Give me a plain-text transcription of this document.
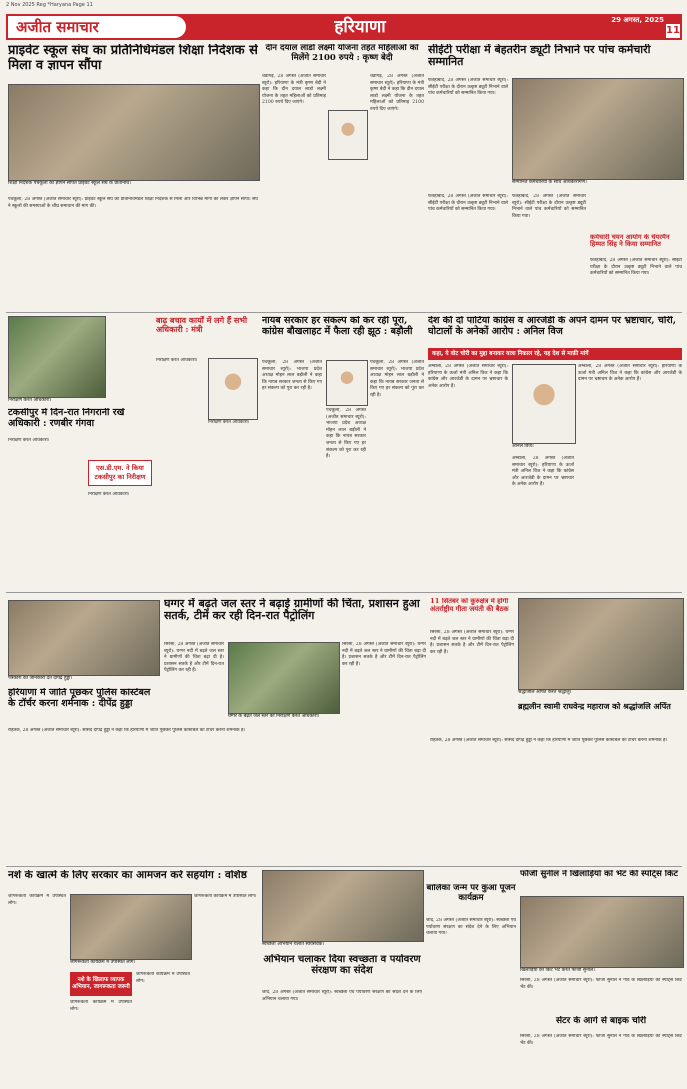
2 Nov 2025 Reg *Haryana Page 11
अजीत समाचार	हरियाणा	29 अगस्त, 2025
11
प्राइवेट स्कूल संघ का प्रतिनिधिमंडल शिक्षा निदेशक से मिला व ज्ञापन सौंपा
शिक्षा निदेशक पंचकूला को ज्ञापन सौंपते प्राइवेट स्कूल संघ के प्रतिनिधि।
पंचकूला, 28 अगस्त (अजीत समाचार ब्यूरो): प्राइवेट स्कूल संघ का प्रतिनिधिमंडल शिक्षा निदेशक से मिला और विभिन्न मांगों को लेकर ज्ञापन सौंपा। संघ ने स्कूलों की समस्याओं के शीघ्र समाधान की मांग की।
दीन दयाल लाडो लक्ष्मी योजना तहत महिलाओं को मिलेंगे 2100 रुपये : कृष्ण बेदी
चंडीगढ़, 28 अगस्त (अजीत समाचार ब्यूरो): हरियाणा के मंत्री कृष्ण बेदी ने कहा कि दीन दयाल लाडो लक्ष्मी योजना के तहत महिलाओं को प्रतिमाह 2100 रुपये दिए जाएंगे।
चंडीगढ़, 28 अगस्त (अजीत समाचार ब्यूरो): हरियाणा के मंत्री कृष्ण बेदी ने कहा कि दीन दयाल लाडो लक्ष्मी योजना के तहत महिलाओं को प्रतिमाह 2100 रुपये दिए जाएंगे।
सीईटी परीक्षा में बेहतरीन ड्यूटी निभाने पर पांच कर्मचारी सम्मानित
फतेहाबाद, 28 अगस्त (अजीत समाचार ब्यूरो): सीईटी परीक्षा के दौरान उत्कृष्ट ड्यूटी निभाने वाले पांच कर्मचारियों को सम्मानित किया गया।
सम्मानित कर्मचारियों के साथ अधिकारीगण।
फतेहाबाद, 28 अगस्त (अजीत समाचार ब्यूरो): सीईटी परीक्षा के दौरान उत्कृष्ट ड्यूटी निभाने वाले पांच कर्मचारियों को सम्मानित किया गया।
कर्मचारी चयन आयोग के चेयरमैन हिम्मत सिंह ने किया सम्मानित
फतेहाबाद, 28 अगस्त (अजीत समाचार ब्यूरो): सीईटी परीक्षा के दौरान उत्कृष्ट ड्यूटी निभाने वाले पांच कर्मचारियों को सम्मानित किया गया।
फतेहाबाद, 28 अगस्त (अजीत समाचार ब्यूरो): सीईटी परीक्षा के दौरान उत्कृष्ट ड्यूटी निभाने वाले पांच कर्मचारियों को सम्मानित किया गया।
निरीक्षण करते अधिकारी।
टकसीपुर में दिन-रात निगरानी रखें अधिकारी : रणबीर गंगवा
निरीक्षण करते अधिकारी।
एस.डी.एम. ने किया टकसीपुर का निरीक्षण
निरीक्षण करते अधिकारी।
बाढ़ बचाव कार्यों में लगे हैं सभी अधिकारी : मंत्री
निरीक्षण करते अधिकारी।
निरीक्षण करते अधिकारी।
नायब सरकार हर संकल्प को कर रही पूरा, कांग्रेस बौखलाहट में फैला रही झूठ : बड़ौली
पंचकूला, 28 अगस्त (अजीत समाचार ब्यूरो): भाजपा प्रदेश अध्यक्ष मोहन लाल बड़ौली ने कहा कि नायब सरकार जनता से किए गए हर संकल्प को पूरा कर रही है।
पंचकूला, 28 अगस्त (अजीत समाचार ब्यूरो): भाजपा प्रदेश अध्यक्ष मोहन लाल बड़ौली ने कहा कि नायब सरकार जनता से किए गए हर संकल्प को पूरा कर रही है।
पंचकूला, 28 अगस्त (अजीत समाचार ब्यूरो): भाजपा प्रदेश अध्यक्ष मोहन लाल बड़ौली ने कहा कि नायब सरकार जनता से किए गए हर संकल्प को पूरा कर रही है।
देश की दो पार्टियां कांग्रेस व आरजेडी के अपने दामन पर भ्रष्टाचार, चोरी, घोटालों के अनेकों आरोप : अनिल विज
कहा, ये वोट चोरी का मुद्दा बनाकर यात्रा निकाल रहे, यह देश से माफ़ी मांगें
अम्बाला, 28 अगस्त (अजीत समाचार ब्यूरो): हरियाणा के ऊर्जा मंत्री अनिल विज ने कहा कि कांग्रेस और आरजेडी के दामन पर भ्रष्टाचार के अनेक आरोप हैं।
अनिल विज।
अम्बाला, 28 अगस्त (अजीत समाचार ब्यूरो): हरियाणा के ऊर्जा मंत्री अनिल विज ने कहा कि कांग्रेस और आरजेडी के दामन पर भ्रष्टाचार के अनेक आरोप हैं।
अम्बाला, 28 अगस्त (अजीत समाचार ब्यूरो): हरियाणा के ऊर्जा मंत्री अनिल विज ने कहा कि कांग्रेस और आरजेडी के दामन पर भ्रष्टाचार के अनेक आरोप हैं।
पत्रकारों को जानकारी देते दीपेंद्र हुड्डा।
हरियाणा में जाति पूछकर पुलिस कांस्टेबल के टॉर्चर करना शर्मनाक : दीपेंद्र हुड्डा
रोहतक, 28 अगस्त (अजीत समाचार ब्यूरो): सांसद दीपेंद्र हुड्डा ने कहा कि हरियाणा में जाति पूछकर पुलिस कांस्टेबल को टॉर्चर करना शर्मनाक है।
घग्गर में बढ़ते जल स्तर ने बढ़ाई ग्रामीणों की चिंता, प्रशासन हुआ सतर्क, टीमें कर रही दिन-रात पैट्रोलिंग
सिरसा, 28 अगस्त (अजीत समाचार ब्यूरो): घग्गर नदी में बढ़ते जल स्तर ने ग्रामीणों की चिंता बढ़ा दी है। प्रशासन सतर्क है और टीमें दिन-रात पैट्रोलिंग कर रही हैं।
घग्गर के बढ़ते जल स्तर का निरीक्षण करते अधिकारी।
सिरसा, 28 अगस्त (अजीत समाचार ब्यूरो): घग्गर नदी में बढ़ते जल स्तर ने ग्रामीणों की चिंता बढ़ा दी है। प्रशासन सतर्क है और टीमें दिन-रात पैट्रोलिंग कर रही हैं।
11 सितंबर को कुरुक्षेत्र में होगी अंतर्राष्ट्रीय गीता जयंती की बैठक
सिरसा, 28 अगस्त (अजीत समाचार ब्यूरो): घग्गर नदी में बढ़ते जल स्तर ने ग्रामीणों की चिंता बढ़ा दी है। प्रशासन सतर्क है और टीमें दिन-रात पैट्रोलिंग कर रही हैं।
श्रद्धांजलि अर्पित करते श्रद्धालु।
ब्रह्मलीन स्वामी राघवेन्द्र महाराज को श्रद्धांजलि अर्पित
रोहतक, 28 अगस्त (अजीत समाचार ब्यूरो): सांसद दीपेंद्र हुड्डा ने कहा कि हरियाणा में जाति पूछकर पुलिस कांस्टेबल को टॉर्चर करना शर्मनाक है।
नशे के खात्मे के लिए सरकार का आमजन करे सहयोग : वशिष्ठ
जागरूकता कार्यक्रम में उपस्थित लोग।
जागरूकता कार्यक्रम में उपस्थित लोग।
नशे के खिलाफ व्यापक अभियान, जागरूकता जरूरी
जागरूकता कार्यक्रम में उपस्थित लोग।
जागरूकता कार्यक्रम में उपस्थित लोग।
जागरूकता कार्यक्रम में उपस्थित लोग।
स्वच्छता अभियान चलाते स्वयंसेवक।
अभियान चलाकर दिया स्वच्छता व पर्यावरण संरक्षण का संदेश
जींद, 28 अगस्त (अजीत समाचार ब्यूरो): स्वच्छता एवं पर्यावरण संरक्षण का संदेश देने के लिए अभियान चलाया गया।
बालिका जन्म पर कुआं पूजन कार्यक्रम
जींद, 28 अगस्त (अजीत समाचार ब्यूरो): स्वच्छता एवं पर्यावरण संरक्षण का संदेश देने के लिए अभियान चलाया गया।
फौजी सुनील ने खिलाड़ियों को भेंट की स्पोर्ट्स किट
खिलाड़ियों को किट भेंट करते फौजी सुनील।
सिरसा, 28 अगस्त (अजीत समाचार ब्यूरो): फौजी सुनील ने गांव के खिलाड़ियों को स्पोर्ट्स किट भेंट की।
सेंटर के आगे से बाइक चोरी
सिरसा, 28 अगस्त (अजीत समाचार ब्यूरो): फौजी सुनील ने गांव के खिलाड़ियों को स्पोर्ट्स किट भेंट की।
